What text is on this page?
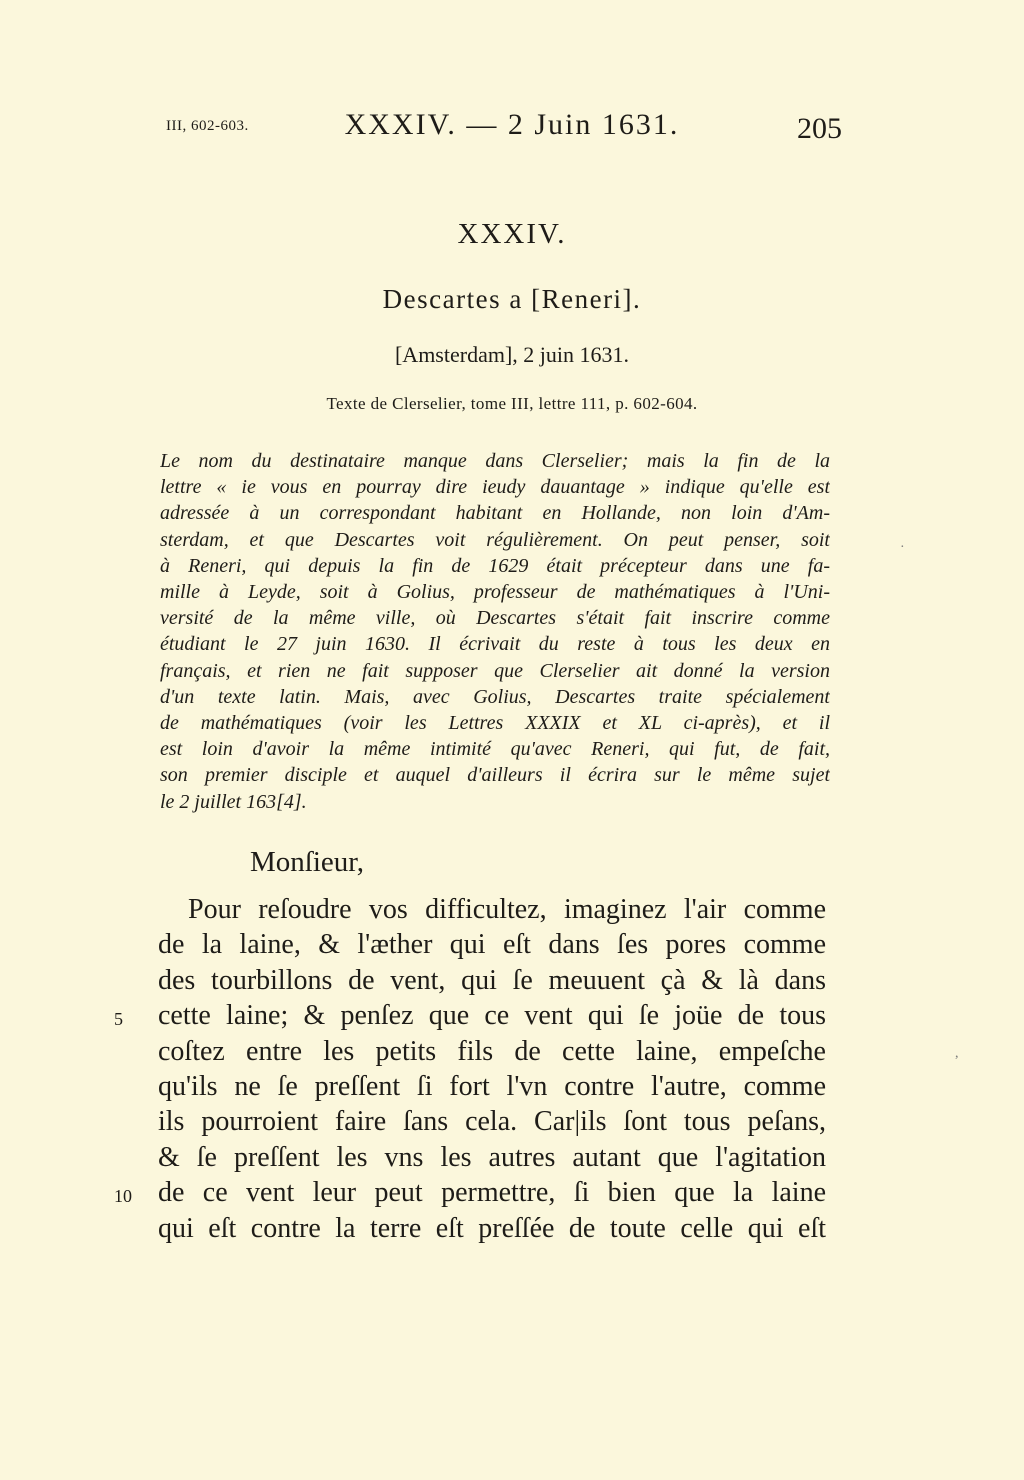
III, 602-603.	XXXIV. — 2 Juin 1631.	205
XXXIV.
Descartes a [Reneri].
[Amsterdam], 2 juin 1631.
Texte de Clerselier, tome III, lettre 111, p. 602-604.
Le nom du destinataire manque dans Clerselier; mais la fin de la
lettre « ie vous en pourray dire ieudy dauantage » indique qu'elle est
adressée à un correspondant habitant en Hollande, non loin d'Am-
sterdam, et que Descartes voit régulièrement. On peut penser, soit
à Reneri, qui depuis la fin de 1629 était précepteur dans une fa-
mille à Leyde, soit à Golius, professeur de mathématiques à l'Uni-
versité de la même ville, où Descartes s'était fait inscrire comme
étudiant le 27 juin 1630. Il écrivait du reste à tous les deux en
français, et rien ne fait supposer que Clerselier ait donné la version
d'un texte latin. Mais, avec Golius, Descartes traite spécialement
de mathématiques (voir les Lettres XXXIX et XL ci-après), et il
est loin d'avoir la même intimité qu'avec Reneri, qui fut, de fait,
son premier disciple et auquel d'ailleurs il écrira sur le même sujet
le 2 juillet 163[4].
Monſieur,
Pour reſoudre vos difficultez, imaginez l'air comme
de la laine, & l'æther qui eſt dans ſes pores comme
des tourbillons de vent, qui ſe meuuent çà & là dans
5 cette laine; & penſez que ce vent qui ſe joüe de tous
coſtez entre les petits fils de cette laine, empeſche
qu'ils ne ſe preſſent ſi fort l'vn contre l'autre, comme
ils pourroient faire ſans cela. Car|ils ſont tous peſans,
& ſe preſſent les vns les autres autant que l'agitation
10 de ce vent leur peut permettre, ſi bien que la laine
qui eſt contre la terre eſt preſſée de toute celle qui eſt
·
,
